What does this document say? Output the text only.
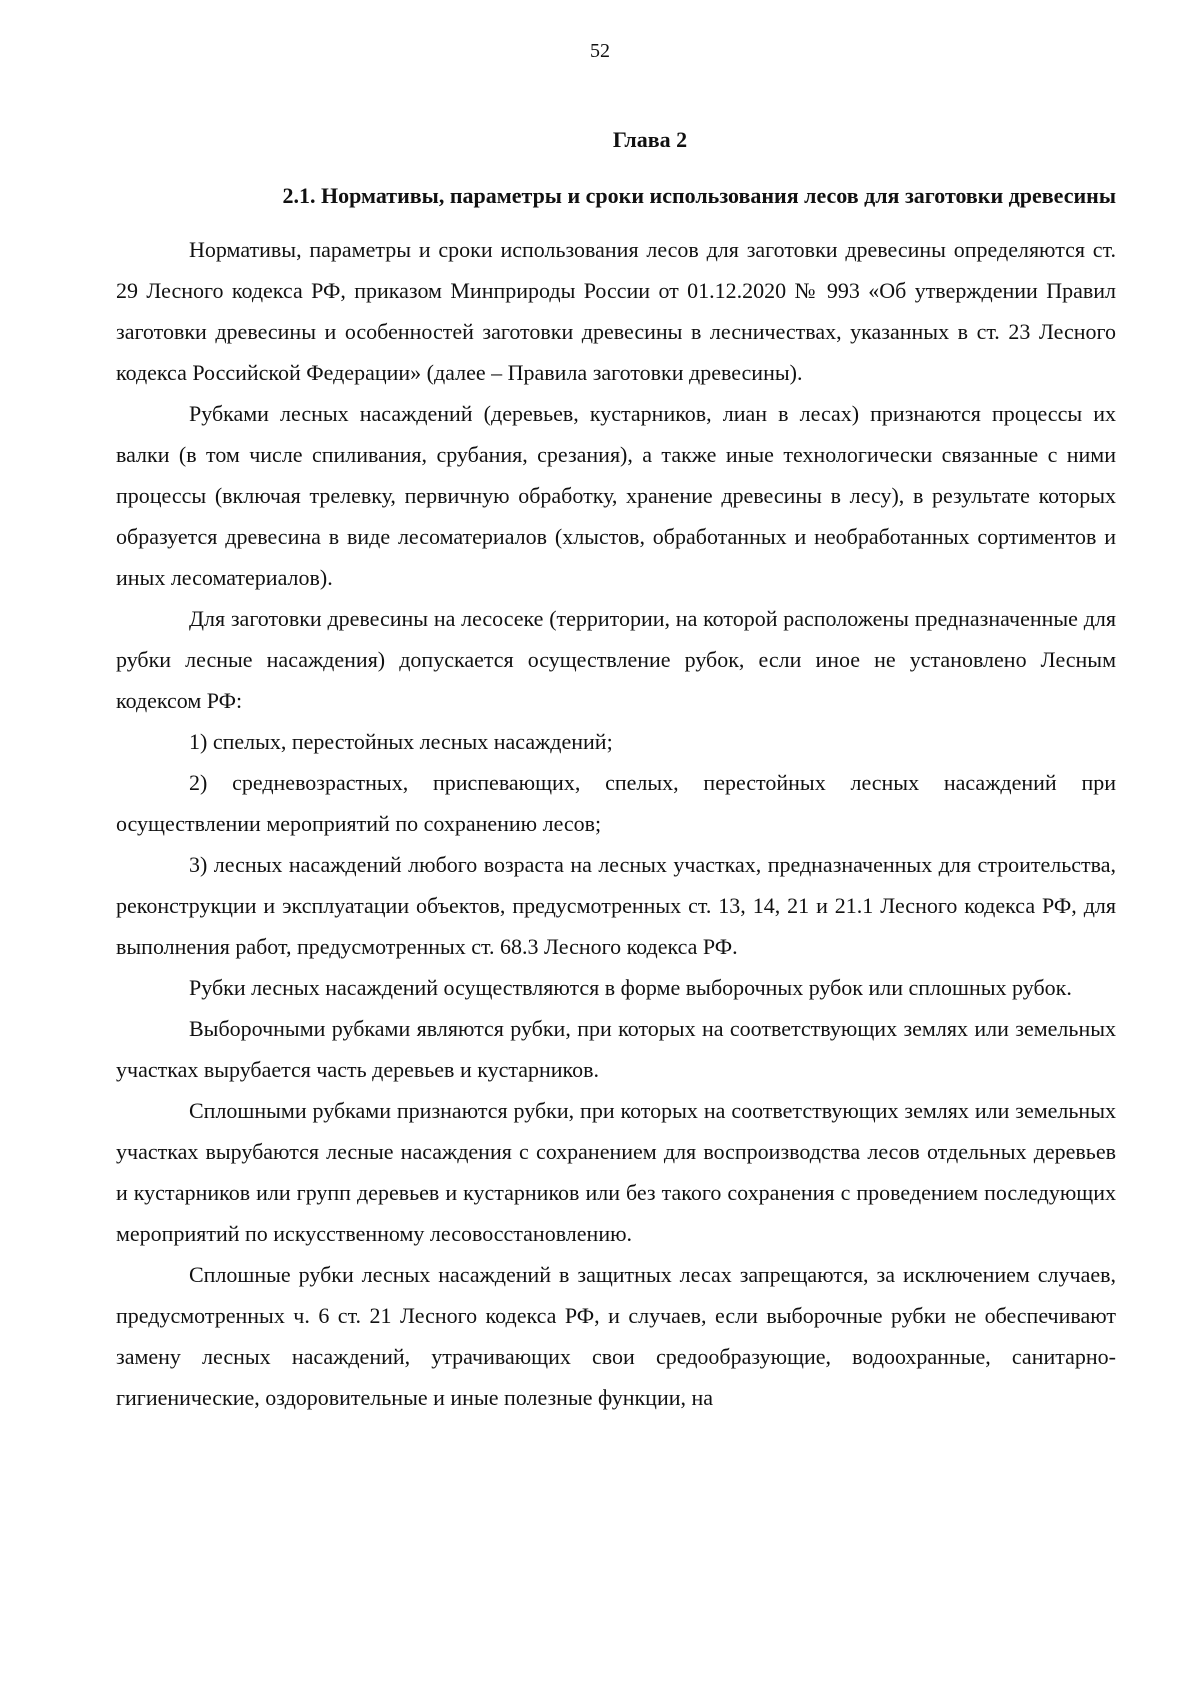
52
Глава 2
2.1. Нормативы, параметры и сроки использования лесов для заготовки древесины

Нормативы, параметры и сроки использования лесов для заготовки древесины определяются ст. 29 Лесного кодекса РФ, приказом Минприроды России от 01.12.2020 № 993 «Об утверждении Правил заготовки древесины и особенностей заготовки древесины в лесничествах, указанных в ст. 23 Лесного кодекса Российской Федерации» (далее – Правила заготовки древесины).

Рубками лесных насаждений (деревьев, кустарников, лиан в лесах) признаются процессы их валки (в том числе спиливания, срубания, срезания), а также иные технологически связанные с ними процессы (включая трелевку, первичную обработку, хранение древесины в лесу), в результате которых образуется древесина в виде лесоматериалов (хлыстов, обработанных и необработанных сортиментов и иных лесоматериалов).

Для заготовки древесины на лесосеке (территории, на которой расположены предназначенные для рубки лесные насаждения) допускается осуществление рубок, если иное не установлено Лесным кодексом РФ:

1) спелых, перестойных лесных насаждений;

2) средневозрастных, приспевающих, спелых, перестойных лесных насаждений при осуществлении мероприятий по сохранению лесов;

3) лесных насаждений любого возраста на лесных участках, предназначенных для строительства, реконструкции и эксплуатации объектов, предусмотренных ст. 13, 14, 21 и 21.1 Лесного кодекса РФ, для выполнения работ, предусмотренных ст. 68.3 Лесного кодекса РФ.

Рубки лесных насаждений осуществляются в форме выборочных рубок или сплошных рубок.

Выборочными рубками являются рубки, при которых на соответствующих землях или земельных участках вырубается часть деревьев и кустарников.

Сплошными рубками признаются рубки, при которых на соответствующих землях или земельных участках вырубаются лесные насаждения с сохранением для воспроизводства лесов отдельных деревьев и кустарников или групп деревьев и кустарников или без такого сохранения с проведением последующих мероприятий по искусственному лесовосстановлению.

Сплошные рубки лесных насаждений в защитных лесах запрещаются, за исключением случаев, предусмотренных ч. 6 ст. 21 Лесного кодекса РФ, и случаев, если выборочные рубки не обеспечивают замену лесных насаждений, утрачивающих свои средообразующие, водоохранные, санитарно-гигиенические, оздоровительные и иные полезные функции, на
